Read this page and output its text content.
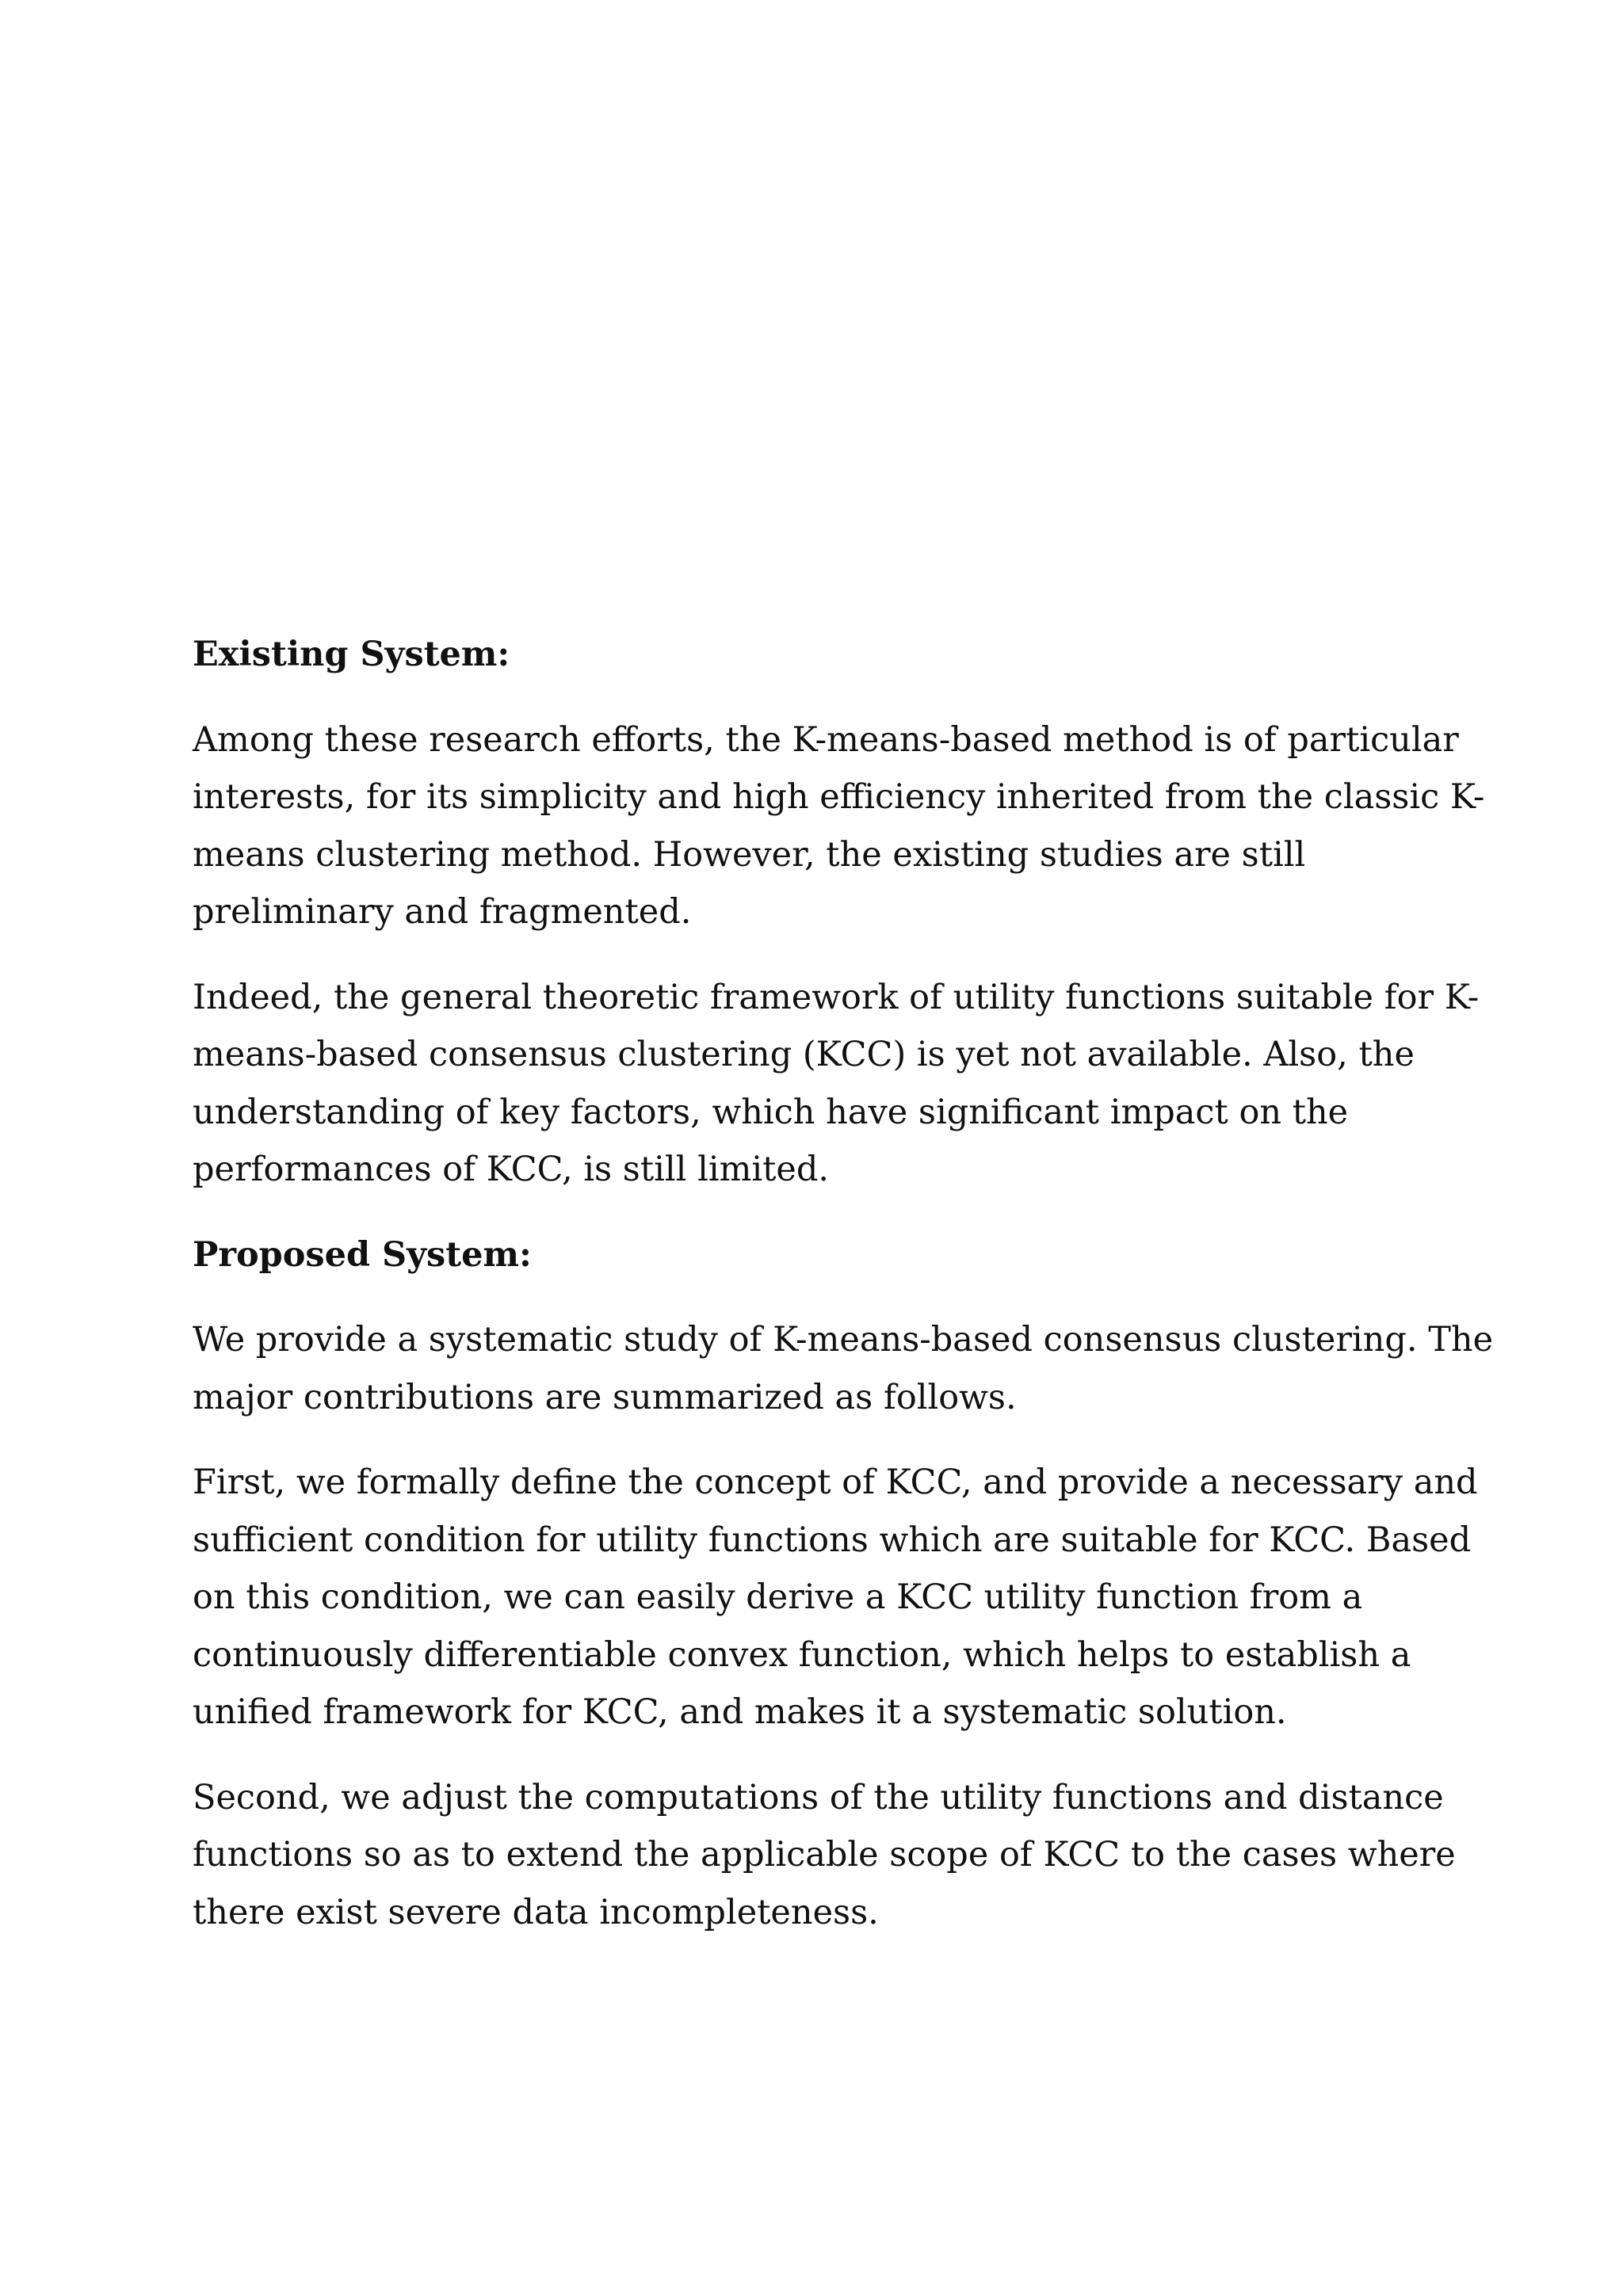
Existing System:
Among these research efforts, the K-means-based method is of particular
interests, for its simplicity and high efficiency inherited from the classic K-
means clustering method. However, the existing studies are still
preliminary and fragmented.
Indeed, the general theoretic framework of utility functions suitable for K-
means-based consensus clustering (KCC) is yet not available. Also, the
understanding of key factors, which have significant impact on the
performances of KCC, is still limited.
Proposed System:
We provide a systematic study of K-means-based consensus clustering. The
major contributions are summarized as follows.
First, we formally define the concept of KCC, and provide a necessary and
sufficient condition for utility functions which are suitable for KCC. Based
on this condition, we can easily derive a KCC utility function from a
continuously differentiable convex function, which helps to establish a
unified framework for KCC, and makes it a systematic solution.
Second, we adjust the computations of the utility functions and distance
functions so as to extend the applicable scope of KCC to the cases where
there exist severe data incompleteness.
